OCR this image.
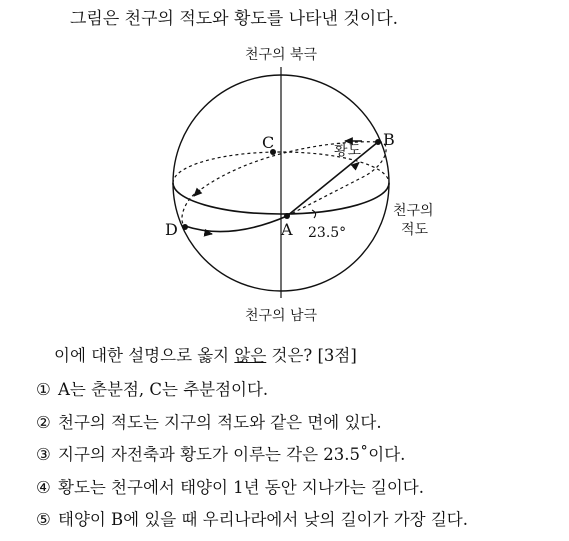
그림은 천구의 적도와 황도를 나타낸 것이다.
천구의 북극
천구의 남극
황도
천구의
적도
A
B
C
D	23.5°
이에 대한 설명으로 옳지 않은 것은? [3점]
① A는 춘분점, C는 추분점이다.
② 천구의 적도는 지구의 적도와 같은 면에 있다.
③ 지구의 자전축과 황도가 이루는 각은 23.5˚이다.
④ 황도는 천구에서 태양이 1년 동안 지나가는 길이다.
⑤ 태양이 B에 있을 때 우리나라에서 낮의 길이가 가장 길다.
